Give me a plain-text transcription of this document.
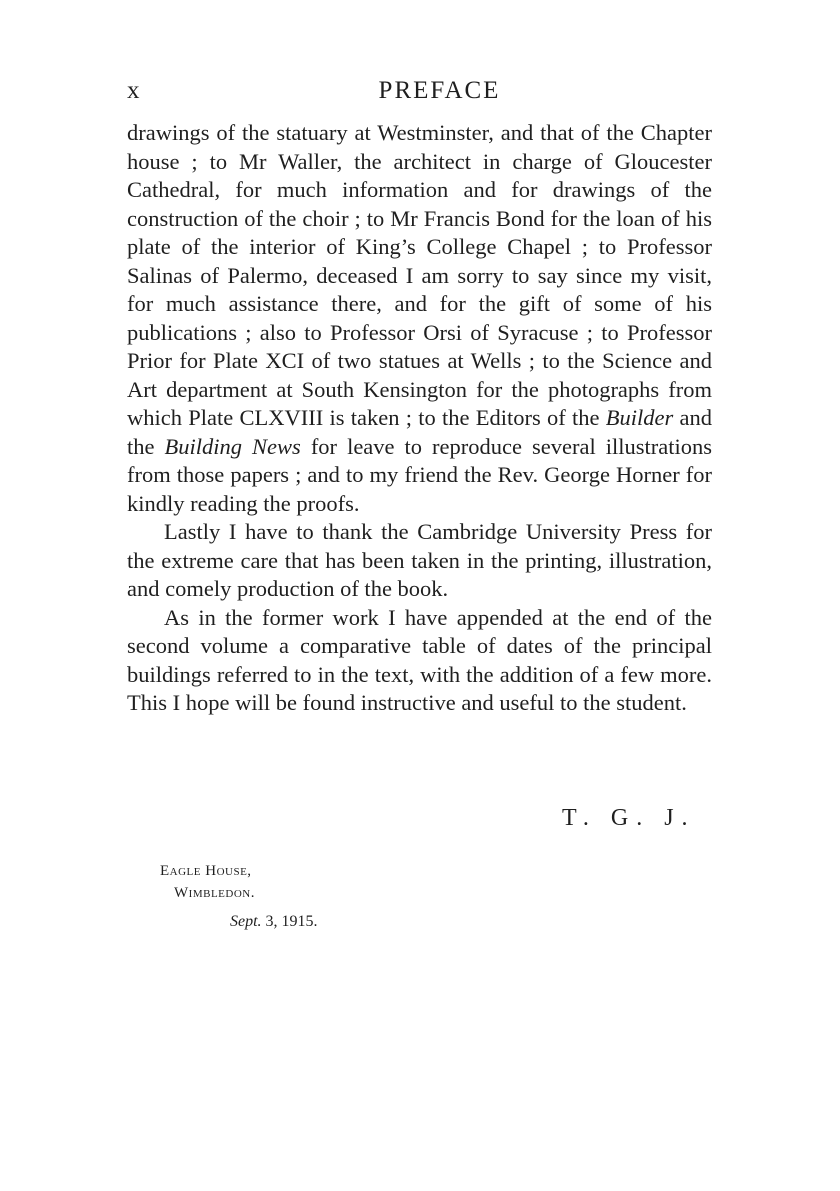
x	PREFACE

drawings of the statuary at Westminster, and that of the Chapter house ; to Mr Waller, the architect in charge of Gloucester Cathedral, for much information and for drawings of the construction of the choir ; to Mr Francis Bond for the loan of his plate of the interior of King’s College Chapel ; to Professor Salinas of Palermo, deceased I am sorry to say since my visit, for much assistance there, and for the gift of some of his publications ; also to Professor Orsi of Syracuse ; to Professor Prior for Plate XCI of two statues at Wells ; to the Science and Art department at South Kensington for the photographs from which Plate CLXVIII is taken ; to the Editors of the Builder and the Building News for leave to reproduce several illustrations from those papers ; and to my friend the Rev. George Horner for kindly reading the proofs.

Lastly I have to thank the Cambridge University Press for the extreme care that has been taken in the printing, illustration, and comely production of the book.

As in the former work I have appended at the end of the second volume a comparative table of dates of the principal buildings referred to in the text, with the addition of a few more. This I hope will be found instructive and useful to the student.

T. G. J.
Eagle House,
Wimbledon.
Sept. 3, 1915.
